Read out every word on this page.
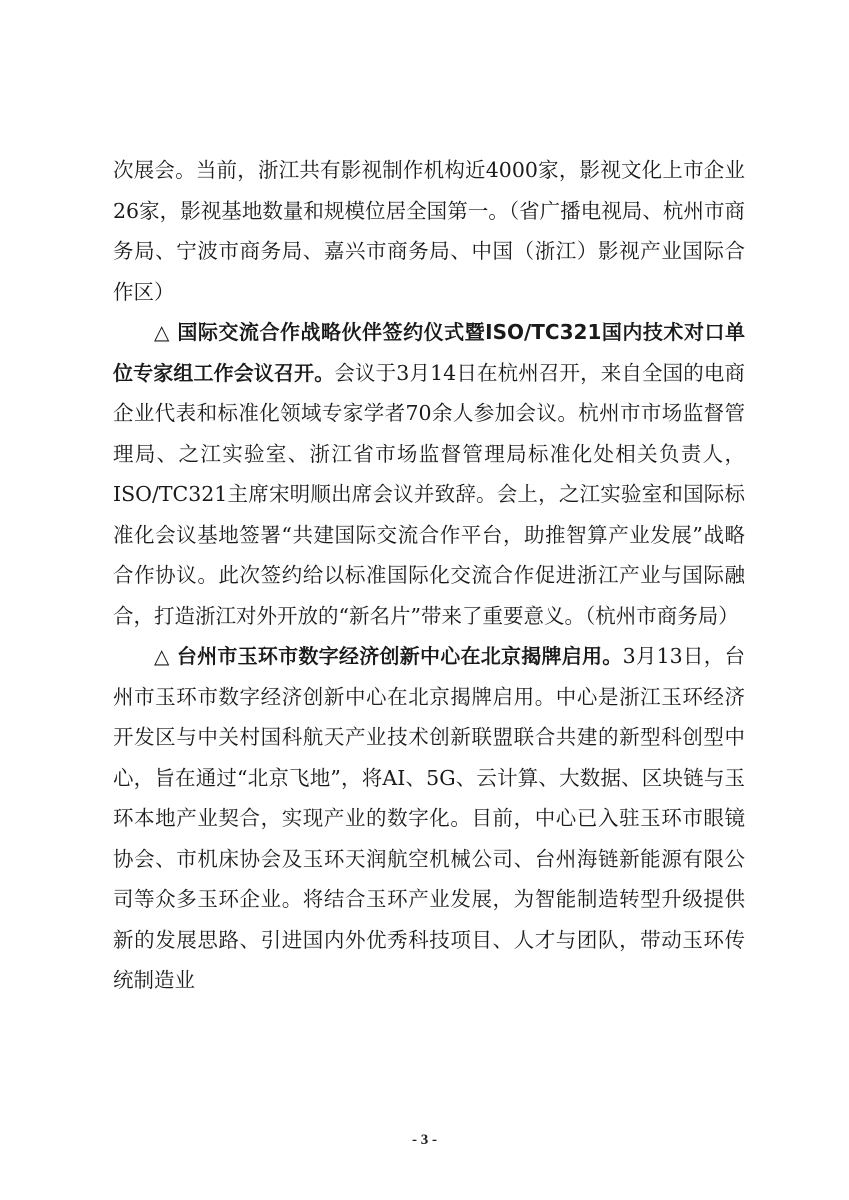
次展会。当前，浙江共有影视制作机构近4000家，影视文化上市企业26家，影视基地数量和规模位居全国第一。（省广播电视局、杭州市商务局、宁波市商务局、嘉兴市商务局、中国（浙江）影视产业国际合作区）

△ 国际交流合作战略伙伴签约仪式暨ISO/TC321国内技术对口单位专家组工作会议召开。会议于3月14日在杭州召开，来自全国的电商企业代表和标准化领域专家学者70余人参加会议。杭州市市场监督管理局、之江实验室、浙江省市场监督管理局标准化处相关负责人，ISO/TC321主席宋明顺出席会议并致辞。会上，之江实验室和国际标准化会议基地签署“共建国际交流合作平台，助推智算产业发展”战略合作协议。此次签约给以标准国际化交流合作促进浙江产业与国际融合，打造浙江对外开放的“新名片”带来了重要意义。（杭州市商务局）

△ 台州市玉环市数字经济创新中心在北京揭牌启用。3月13日，台州市玉环市数字经济创新中心在北京揭牌启用。中心是浙江玉环经济开发区与中关村国科航天产业技术创新联盟联合共建的新型科创型中心，旨在通过“北京飞地”，将AI、5G、云计算、大数据、区块链与玉环本地产业契合，实现产业的数字化。目前，中心已入驻玉环市眼镜协会、市机床协会及玉环天润航空机械公司、台州海链新能源有限公司等众多玉环企业。将结合玉环产业发展，为智能制造转型升级提供新的发展思路、引进国内外优秀科技项目、人才与团队，带动玉环传统制造业

- 3 -
